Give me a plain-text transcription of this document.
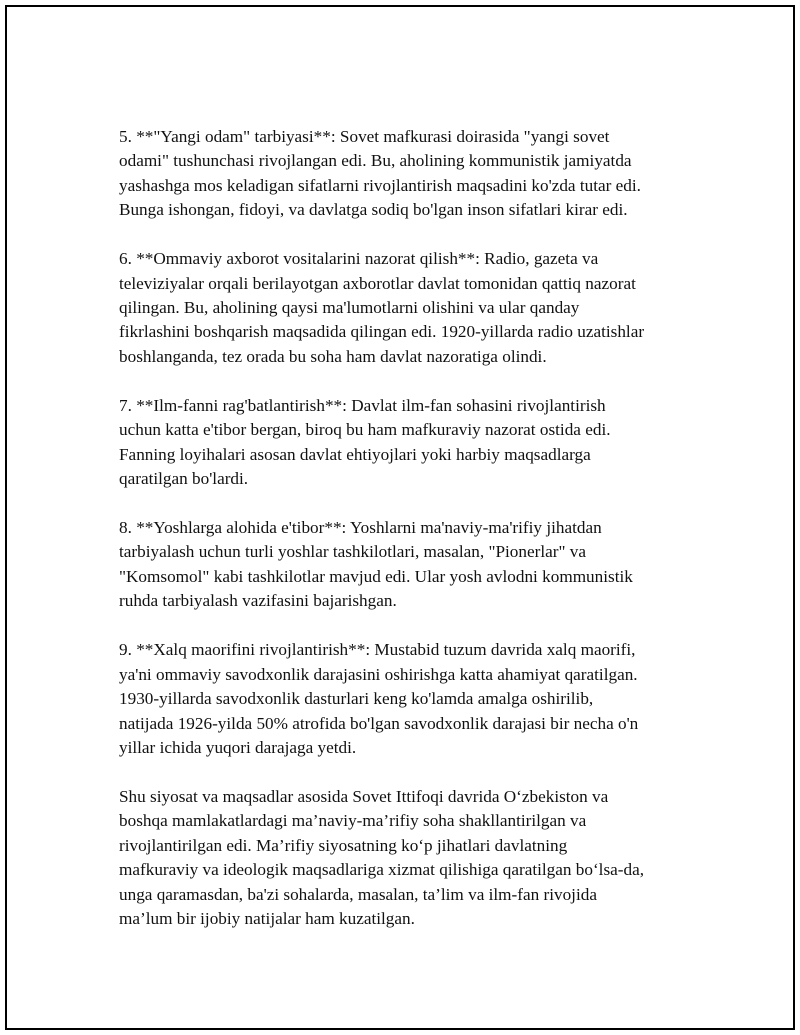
5. **"Yangi odam" tarbiyasi**: Sovet mafkurasi doirasida "yangi sovet
odami" tushunchasi rivojlangan edi. Bu, aholining kommunistik jamiyatda
yashashga mos keladigan sifatlarni rivojlantirish maqsadini ko'zda tutar edi.
Bunga ishongan, fidoyi, va davlatga sodiq bo'lgan inson sifatlari kirar edi.

6. **Ommaviy axborot vositalarini nazorat qilish**: Radio, gazeta va
televiziyalar orqali berilayotgan axborotlar davlat tomonidan qattiq nazorat
qilingan. Bu, aholining qaysi ma'lumotlarni olishini va ular qanday
fikrlashini boshqarish maqsadida qilingan edi. 1920-yillarda radio uzatishlar
boshlanganda, tez orada bu soha ham davlat nazoratiga olindi.

7. **Ilm-fanni rag'batlantirish**: Davlat ilm-fan sohasini rivojlantirish
uchun katta e'tibor bergan, biroq bu ham mafkuraviy nazorat ostida edi.
Fanning loyihalari asosan davlat ehtiyojlari yoki harbiy maqsadlarga
qaratilgan bo'lardi.

8. **Yoshlarga alohida e'tibor**: Yoshlarni ma'naviy-ma'rifiy jihatdan
tarbiyalash uchun turli yoshlar tashkilotlari, masalan, "Pionerlar" va
"Komsomol" kabi tashkilotlar mavjud edi. Ular yosh avlodni kommunistik
ruhda tarbiyalash vazifasini bajarishgan.

9. **Xalq maorifini rivojlantirish**: Mustabid tuzum davrida xalq maorifi,
ya'ni ommaviy savodxonlik darajasini oshirishga katta ahamiyat qaratilgan.
1930-yillarda savodxonlik dasturlari keng ko'lamda amalga oshirilib,
natijada 1926-yilda 50% atrofida bo'lgan savodxonlik darajasi bir necha o'n
yillar ichida yuqori darajaga yetdi.

Shu siyosat va maqsadlar asosida Sovet Ittifoqi davrida O‘zbekiston va
boshqa mamlakatlardagi ma’naviy-ma’rifiy soha shakllantirilgan va
rivojlantirilgan edi. Ma’rifiy siyosatning ko‘p jihatlari davlatning
mafkuraviy va ideologik maqsadlariga xizmat qilishiga qaratilgan bo‘lsa-da,
unga qaramasdan, ba'zi sohalarda, masalan, ta’lim va ilm-fan rivojida
ma’lum bir ijobiy natijalar ham kuzatilgan.
